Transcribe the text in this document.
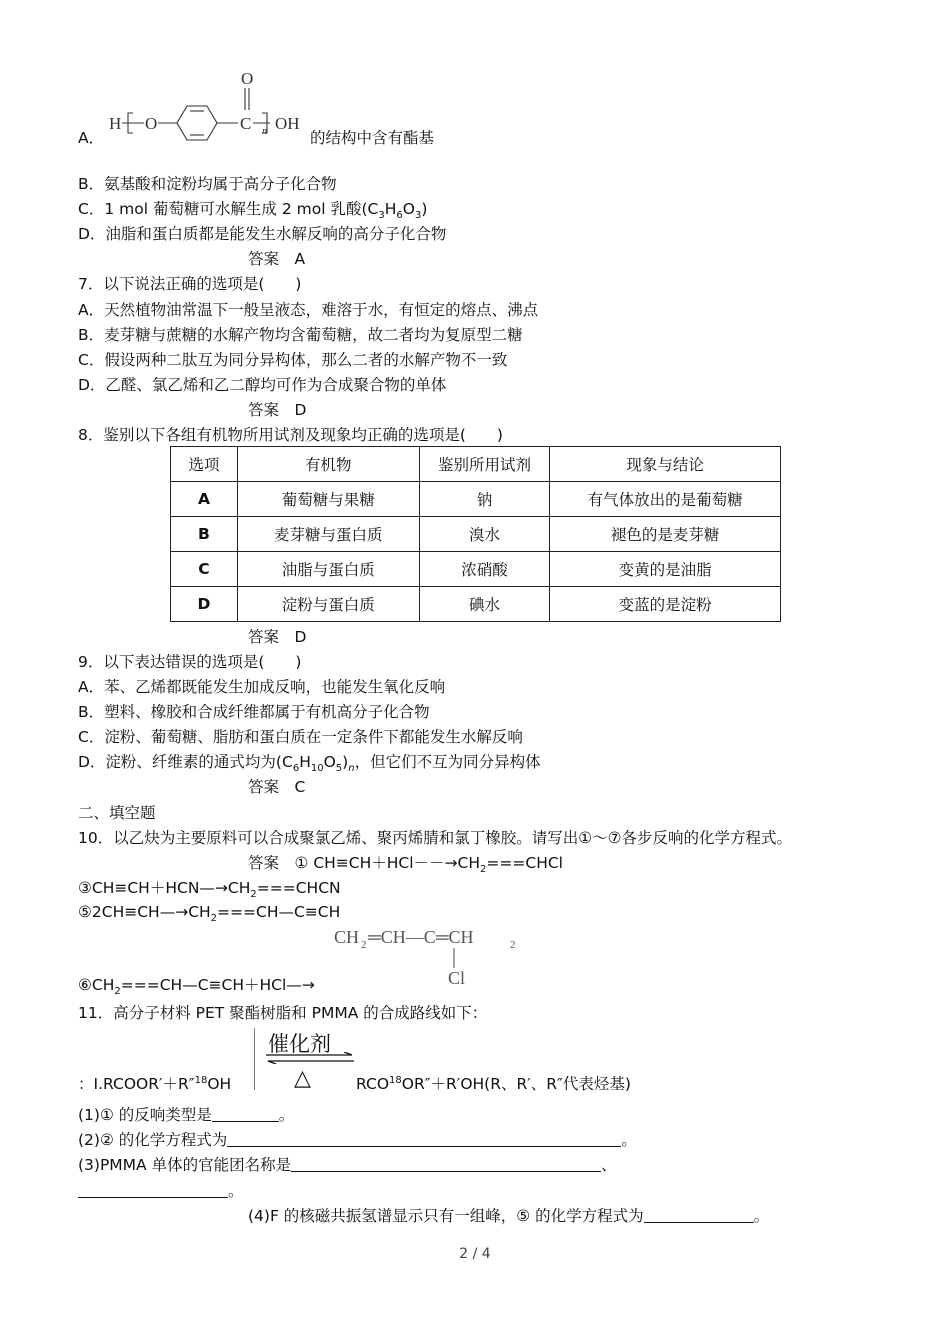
A．
H O	C
O
n OH
的结构中含有酯基
B．氨基酸和淀粉均属于高分子化合物
C．1 mol 葡萄糖可水解生成 2 mol 乳酸$(C_3H_6O_3)$
D．油脂和蛋白质都是能发生水解反响的高分子化合物
答案　A
7．以下说法正确的选项是(　　)
A．天然植物油常温下一般呈液态，难溶于水，有恒定的熔点、沸点
B．麦芽糖与蔗糖的水解产物均含葡萄糖，故二者均为复原型二糖
C．假设两种二肽互为同分异构体，那么二者的水解产物不一致
D．乙醛、氯乙烯和乙二醇均可作为合成聚合物的单体
答案　D
8．鉴别以下各组有机物所用试剂及现象均正确的选项是(　　)
选项	有机物	鉴别所用试剂	现象与结论
A	葡萄糖与果糖	钠	有气体放出的是葡萄糖
B	麦芽糖与蛋白质	溴水	褪色的是麦芽糖
C	油脂与蛋白质	浓硝酸	变黄的是油脂
D	淀粉与蛋白质	碘水	变蓝的是淀粉
答案　D
9．以下表达错误的选项是(　　)
A．苯、乙烯都既能发生加成反响，也能发生氧化反响
B．塑料、橡胶和合成纤维都属于有机高分子化合物
C．淀粉、葡萄糖、脂肪和蛋白质在一定条件下都能发生水解反响
D．淀粉、纤维素的通式均为$(C_6H_{10}O_5)_n$，但它们不互为同分异构体
答案　C
二、填空题
10．以乙炔为主要原料可以合成聚氯乙烯、聚丙烯腈和氯丁橡胶。请写出①～⑦各步反响的化学方程式。
答案　① $CH\equiv CH+HCl--\to CH_2===CHCl$
$③CH\equiv CH+HCN—\to CH_2===CHCN$
$⑤2CH\equiv CH—\to CH_2===CH—C\equiv CH$
CH 2 ═CH—C═CH	2
Cl
$⑥CH_2===CH—C\equiv CH+HCl—\to$
11．高分子材料 PET 聚酯树脂和 PMMA 的合成路线如下：
催化剂
△
：Ⅰ.RCOOR′＋R″$^{18}$OH	$RCO^{18}OR''+R'OH(R$、R′、R″代表烃基)
(1)① 的反响类型是	。
(2)② 的化学方程式为	。
(3)PMMA 单体的官能团名称是	、
。
(4)F 的核磁共振氢谱显示只有一组峰，⑤ 的化学方程式为	。
2 / 4
